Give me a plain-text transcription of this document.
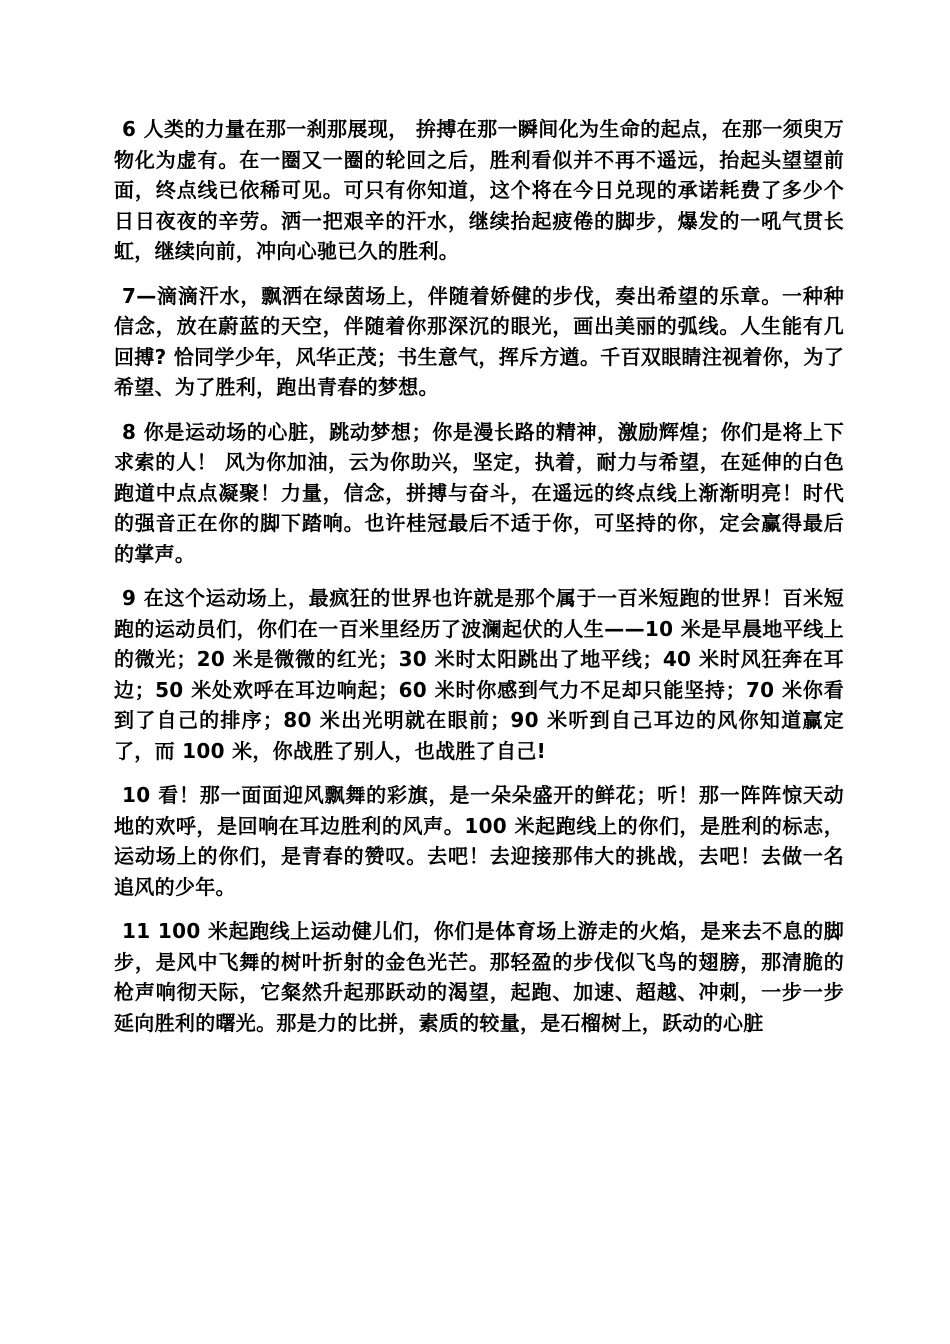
6 人类的力量在那一刹那展现， 拚搏在那一瞬间化为生命的起点，在那一须臾万物化为虚有。在一圈又一圈的轮回之后，胜利看似并不再不遥远，抬起头望望前面，终点线已依稀可见。可只有你知道，这个将在今日兑现的承诺耗费了多少个日日夜夜的辛劳。洒一把艰辛的汗水，继续抬起疲倦的脚步，爆发的一吼气贯长虹，继续向前，冲向心驰已久的胜利。

7—滴滴汗水，飘洒在绿茵场上，伴随着娇健的步伐，奏出希望的乐章。一种种信念，放在蔚蓝的天空，伴随着你那深沉的眼光，画出美丽的弧线。人生能有几回搏? 恰同学少年，风华正茂；书生意气，挥斥方遒。千百双眼睛注视着你，为了希望、为了胜利，跑出青春的梦想。

8 你是运动场的心脏，跳动梦想；你是漫长路的精神，激励辉煌；你们是将上下求索的人！ 风为你加油，云为你助兴，坚定，执着，耐力与希望，在延伸的白色跑道中点点凝聚！力量，信念，拼搏与奋斗，在遥远的终点线上渐渐明亮！时代的强音正在你的脚下踏响。也许桂冠最后不适于你，可坚持的你，定会赢得最后的掌声。

9 在这个运动场上，最疯狂的世界也许就是那个属于一百米短跑的世界！百米短跑的运动员们，你们在一百米里经历了波澜起伏的人生——10 米是早晨地平线上的微光；20 米是微微的红光；30 米时太阳跳出了地平线；40 米时风狂奔在耳边；50 米处欢呼在耳边响起；60 米时你感到气力不足却只能坚持；70 米你看到了自己的排序；80 米出光明就在眼前；90 米听到自己耳边的风你知道赢定了，而 100 米，你战胜了别人，也战胜了自己!

10 看！那一面面迎风飘舞的彩旗，是一朵朵盛开的鲜花；听！那一阵阵惊天动地的欢呼，是回响在耳边胜利的风声。100 米起跑线上的你们，是胜利的标志，运动场上的你们，是青春的赞叹。去吧！去迎接那伟大的挑战，去吧！去做一名追风的少年。

11 100 米起跑线上运动健儿们，你们是体育场上游走的火焰，是来去不息的脚步，是风中飞舞的树叶折射的金色光芒。那轻盈的步伐似飞鸟的翅膀，那清脆的枪声响彻天际，它粲然升起那跃动的渴望，起跑、加速、超越、冲刺，一步一步延向胜利的曙光。那是力的比拼，素质的较量，是石榴树上，跃动的心脏
